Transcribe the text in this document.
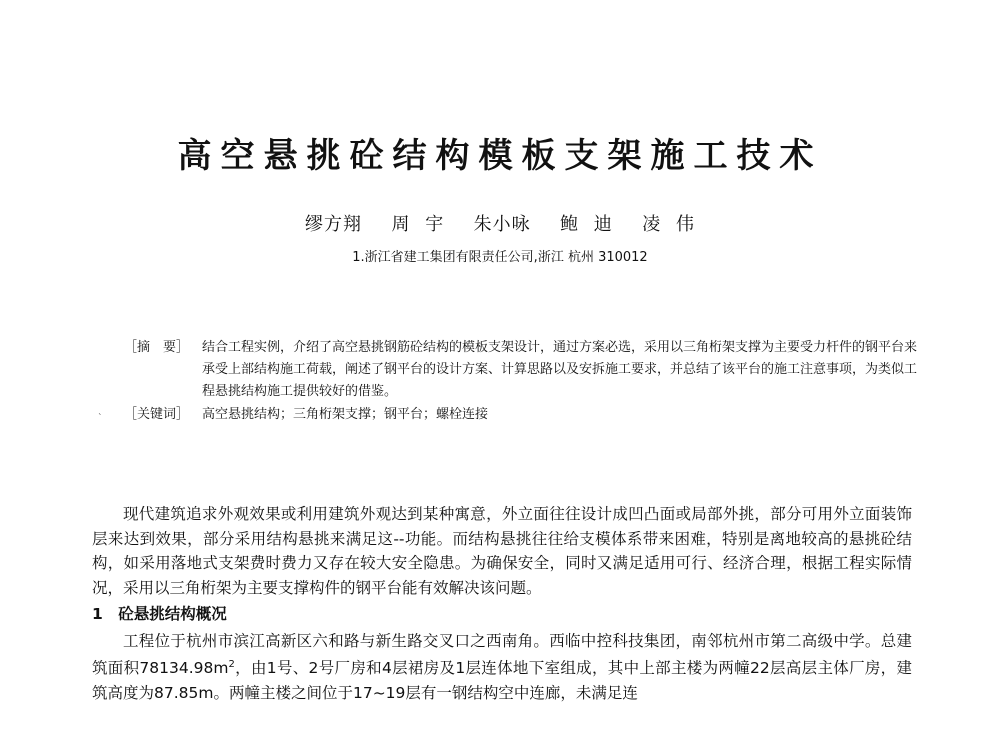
高空悬挑砼结构模板支架施工技术
缪方翔  周 宇  朱小咏  鲍 迪  凌 伟
1.浙江省建工集团有限责任公司,浙江 杭州 310012
`
［摘　要］ 结合工程实例，介绍了高空悬挑钢筋砼结构的模板支架设计，通过方案必选，采用以三角桁架支撑为主要受力杆件的钢平台来承受上部结构施工荷载，阐述了钢平台的设计方案、计算思路以及安拆施工要求，并总结了该平台的施工注意事项，为类似工程悬挑结构施工提供较好的借鉴。
［关键词］ 高空悬挑结构；三角桁架支撑；钢平台；螺栓连接

现代建筑追求外观效果或利用建筑外观达到某种寓意，外立面往往设计成凹凸面或局部外挑，部分可用外立面装饰层来达到效果，部分采用结构悬挑来满足这--功能。而结构悬挑往往给支模体系带来困难，特别是离地较高的悬挑砼结构，如采用落地式支架费时费力又存在较大安全隐患。为确保安全，同时又满足适用可行、经济合理，根据工程实际情况，采用以三角桁架为主要支撑构件的钢平台能有效解决该问题。

1　砼悬挑结构概况

工程位于杭州市滨江高新区六和路与新生路交叉口之西南角。西临中控科技集团，南邻杭州市第二高级中学。总建筑面积$78134.98m^2$，由1号、2号厂房和4层裙房及1层连体地下室组成，其中上部主楼为两幢22层高层主体厂房，建筑高度为87.85m。两幢主楼之间位于17~19层有一钢结构空中连廊，未满足连
